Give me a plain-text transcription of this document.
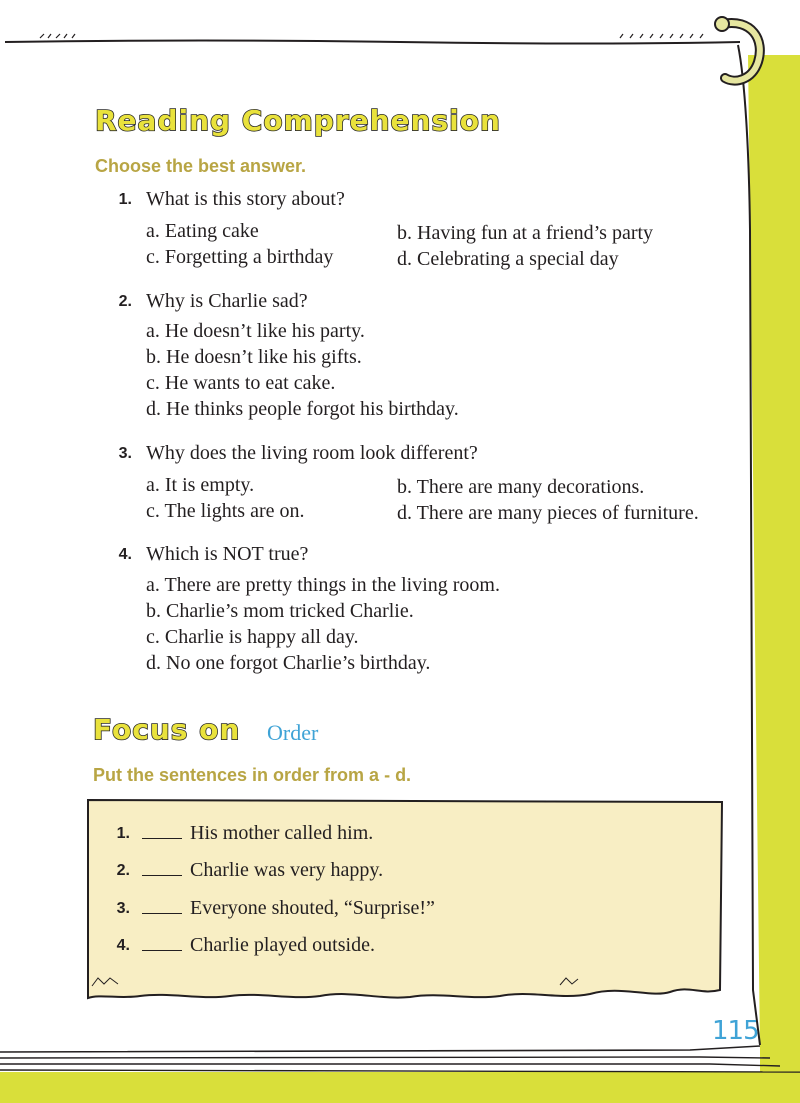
Reading Comprehension
Choose the best answer.
1. What is this story about?
a. Eating cake	b. Having fun at a friend’s party
c. Forgetting a birthday	d. Celebrating a special day
2. Why is Charlie sad?
a. He doesn’t like his party.
b. He doesn’t like his gifts.
c. He wants to eat cake.
d. He thinks people forgot his birthday.
3. Why does the living room look different?
a. It is empty.	b. There are many decorations.
c. The lights are on.	d. There are many pieces of furniture.
4. Which is NOT true?
a. There are pretty things in the living room.
b. Charlie’s mom tricked Charlie.
c. Charlie is happy all day.
d. No one forgot Charlie’s birthday.
Focus on Order
Put the sentences in order from a - d.
1.	His mother called him.
2.	Charlie was very happy.
3.	Everyone shouted, “Surprise!”
4.	Charlie played outside.
115
